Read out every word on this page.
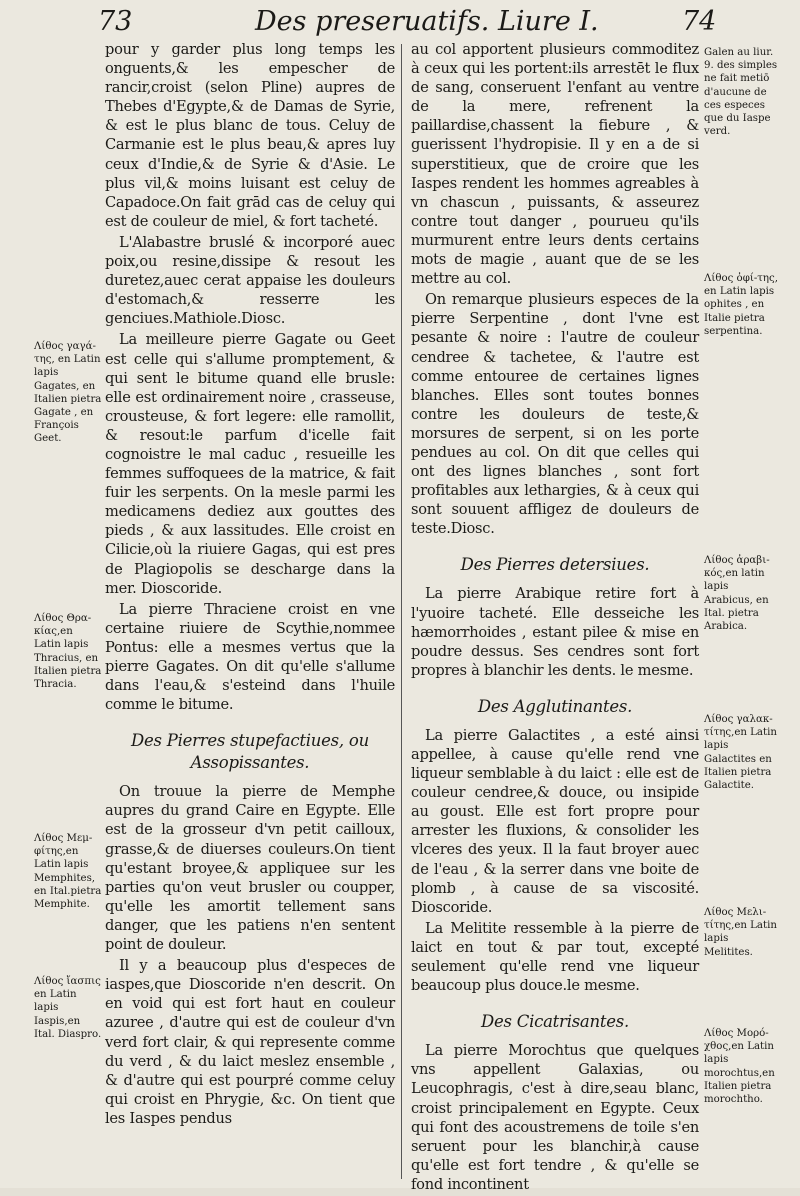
73	Des preseruatifs. Liure I.	74

pour y garder plus long temps les onguents,& les empescher de rancir,croist (selon Pline) aupres de Thebes d'Egypte,& de Damas de Syrie, & est le plus blanc de tous. Celuy de Carmanie est le plus beau,& apres luy ceux d'Indie,& de Syrie & d'Asie. Le plus vil,& moins luisant est celuy de Capadoce.On fait grād cas de celuy qui est de couleur de miel, & fort tacheté.

L'Alabastre bruslé & incorporé auec poix,ou resine,dissipe & resout les duretez,auec cerat appaise les douleurs d'estomach,& resserre les genciues.Mathiole.Diosc.

La meilleure pierre Gagate ou Geet est celle qui s'allume promptement, & qui sent le bitume quand elle brusle: elle est ordinairement noire , crasseuse, crousteuse, & fort legere: elle ramollit, & resout:le parfum d'icelle fait cognoistre le mal caduc , resueille les femmes suffoquees de la matrice, & fait fuir les serpents. On la mesle parmi les medicamens dediez aux gouttes des pieds , & aux lassitudes. Elle croist en Cilicie,où la riuiere Gagas, qui est pres de Plagiopolis se descharge dans la mer. Dioscoride.

La pierre Thraciene croist en vne certaine riuiere de Scythie,nommee Pontus: elle a mesmes vertus que la pierre Gagates. On dit qu'elle s'allume dans l'eau,& s'esteind dans l'huile comme le bitume.

Des Pierres stupefactiues, ou Assopissantes.

On trouue la pierre de Memphe aupres du grand Caire en Egypte. Elle est de la grosseur d'vn petit cailloux, grasse,& de diuerses couleurs.On tient qu'estant broyee,& appliquee sur les parties qu'on veut brusler ou coupper, qu'elle les amortit tellement sans danger, que les patiens n'en sentent point de douleur.

Il y a beaucoup plus d'especes de iaspes,que Dioscoride n'en descrit. On en void qui est fort haut en couleur azuree , d'autre qui est de couleur d'vn verd fort clair, & qui represente comme du verd , & du laict meslez ensemble , & d'autre qui est pourpré comme celuy qui croist en Phrygie, &c. On tient que les Iaspes pendus

au col apportent plusieurs commoditez à ceux qui les portent:ils arrestēt le flux de sang, conseruent l'enfant au ventre de la mere, refrenent la paillardise,chassent la fiebure , & guerissent l'hydropisie. Il y en a de si superstitieux, que de croire que les Iaspes rendent les hommes agreables à vn chascun , puissants, & asseurez contre tout danger , pourueu qu'ils murmurent entre leurs dents certains mots de magie , auant que de se les mettre au col.

On remarque plusieurs especes de la pierre Serpentine , dont l'vne est pesante & noire : l'autre de couleur cendree & tachetee, & l'autre est comme entouree de certaines lignes blanches. Elles sont toutes bonnes contre les douleurs de teste,& morsures de serpent, si on les porte pendues au col. On dit que celles qui ont des lignes blanches , sont fort profitables aux lethargies, & à ceux qui sont souuent affligez de douleurs de teste.Diosc.

Des Pierres detersiues.

La pierre Arabique retire fort à l'yuoire tacheté. Elle desseiche les hæmorrhoides , estant pilee & mise en poudre dessus. Ses cendres sont fort propres à blanchir les dents. le mesme.

Des Agglutinantes.

La pierre Galactites , a esté ainsi appellee, à cause qu'elle rend vne liqueur semblable à du laict : elle est de couleur cendree,& douce, ou insipide au goust. Elle est fort propre pour arrester les fluxions, & consolider les vlceres des yeux. Il la faut broyer auec de l'eau , & la serrer dans vne boite de plomb , à cause de sa viscosité. Dioscoride.

La Melitite ressemble à la pierre de laict en tout & par tout, excepté seulement qu'elle rend vne liqueur beaucoup plus douce.le mesme.

Des Cicatrisantes.

La pierre Morochtus que quelques vns appellent Galaxias, ou Leucophragis, c'est à dire,seau blanc, croist principalement en Egypte. Ceux qui font des acoustremens de toile s'en seruent pour les blanchir,à cause qu'elle est fort tendre , & qu'elle se fond incontinent

Λίθος γαγά-της, en Latin lapis Gagates, en Italien pietra Gagate , en François Geet.
Λίθος Θρα-κίας,en Latin lapis Thracius, en Italien pietra Thracia.
Λίθος Μεμ-φίτης,en Latin lapis Memphites, en Ital.pietra Memphite.
Λίθος ἴασπις en Latin lapis Iaspis,en Ital. Diaspro.
Galen au liur. 9. des simples ne fait metiō d'aucune de ces especes que du Iaspe verd.
Λίθος ὀφί-της, en Latin lapis ophites , en Italie pietra serpentina.
Λίθος ἀραβι-κός,en latin lapis Arabicus, en Ital. pietra Arabica.
Λίθος γαλακ-τίτης,en Latin lapis Galactites en Italien pietra Galactite.
Λίθος Μελι-τίτης,en Latin lapis Melitites.
Λίθος Μορό-χθος,en Latin lapis morochtus,en Italien pietra morochtho.
